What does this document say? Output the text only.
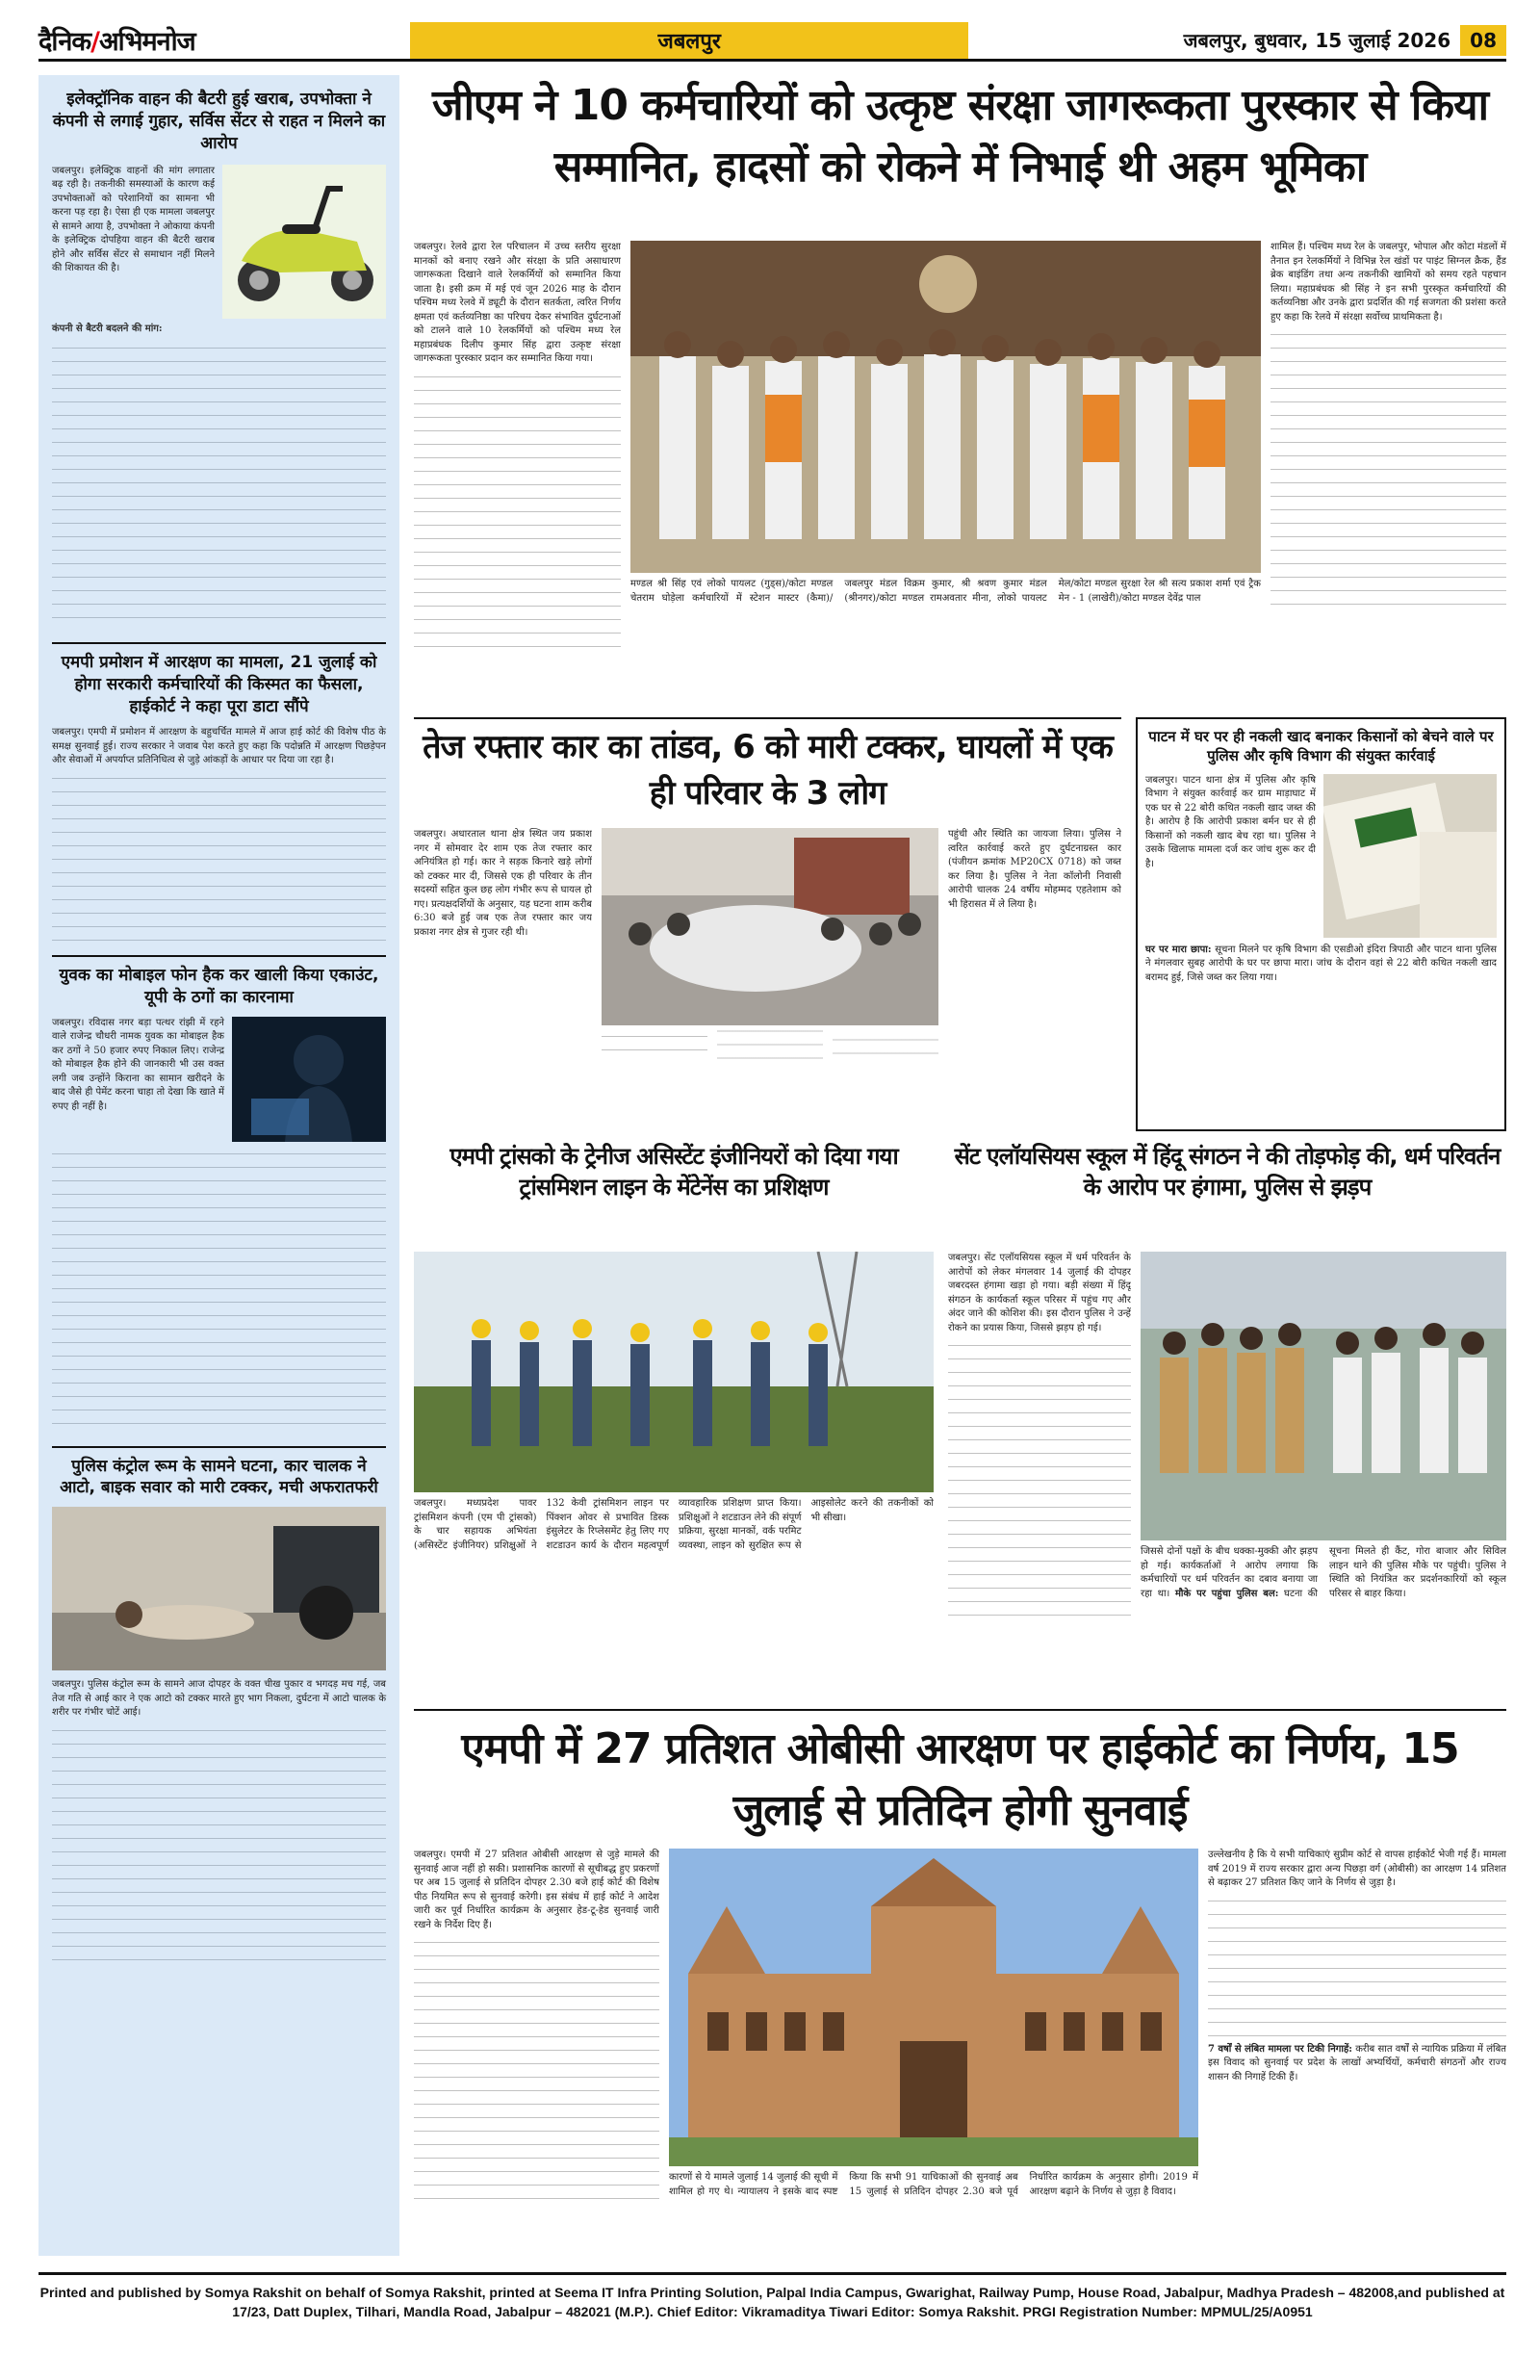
दैनिक/अभिमनोज	जबलपुर	जबलपुर, बुधवार, 15 जुलाई 2026	08
इलेक्ट्रॉनिक वाहन की बैटरी हुई खराब, उपभोक्ता ने कंपनी से लगाई गुहार, सर्विस सेंटर से राहत न मिलने का आरोप
जबलपुर। इलेक्ट्रिक वाहनों की मांग लगातार बढ़ रही है। तकनीकी समस्याओं के कारण कई उपभोक्ताओं को परेशानियों का सामना भी करना पड़ रहा है। ऐसा ही एक मामला जबलपुर से सामने आया है, उपभोक्ता ने ओकाया कंपनी के इलेक्ट्रिक दोपहिया वाहन की बैटरी खराब होने और सर्विस सेंटर से समाधान नहीं मिलने की शिकायत की है।
कंपनी से बैटरी बदलने की मांग:
एमपी प्रमोशन में आरक्षण का मामला, 21 जुलाई को होगा सरकारी कर्मचारियों की किस्मत का फैसला, हाईकोर्ट ने कहा पूरा डाटा सौंपे
जबलपुर। एमपी में प्रमोशन में आरक्षण के बहुचर्चित मामले में आज हाई कोर्ट की विशेष पीठ के समक्ष सुनवाई हुई। राज्य सरकार ने जवाब पेश करते हुए कहा कि पदोन्नति में आरक्षण पिछड़ेपन और सेवाओं में अपर्याप्त प्रतिनिधित्व से जुड़े आंकड़ों के आधार पर दिया जा रहा है।
युवक का मोबाइल फोन हैक कर खाली किया एकाउंट, यूपी के ठगों का कारनामा
जबलपुर। रविदास नगर बड़ा पत्थर रांझी में रहने वाले राजेन्द्र चौधरी नामक युवक का मोबाइल हैक कर ठगों ने 50 हजार रुपए निकाल लिए। राजेन्द्र को मोबाइल हैक होने की जानकारी भी उस वक्त लगी जब उन्होंने किराना का सामान खरीदने के बाद जैसे ही पेमेंट करना चाहा तो देखा कि खाते में रुपए ही नहीं है।
पुलिस कंट्रोल रूम के सामने घटना, कार चालक ने आटो, बाइक सवार को मारी टक्कर, मची अफरातफरी
जबलपुर। पुलिस कंट्रोल रूम के सामने आज दोपहर के वक्त चीख पुकार व भगदड़ मच गई, जब तेज गति से आई कार ने एक आटो को टक्कर मारते हुए भाग निकला, दुर्घटना में आटो चालक के शरीर पर गंभीर चोटें आई।
जीएम ने 10 कर्मचारियों को उत्कृष्ट संरक्षा जागरूकता पुरस्कार से किया सम्मानित, हादसों को रोकने में निभाई थी अहम भूमिका
जबलपुर। रेलवे द्वारा रेल परिचालन में उच्च स्तरीय सुरक्षा मानकों को बनाए रखने और संरक्षा के प्रति असाधारण जागरूकता दिखाने वाले रेलकर्मियों को सम्मानित किया जाता है। इसी क्रम में मई एवं जून 2026 माह के दौरान पश्चिम मध्य रेलवे में ड्यूटी के दौरान सतर्कता, त्वरित निर्णय क्षमता एवं कर्तव्यनिष्ठा का परिचय देकर संभावित दुर्घटनाओं को टालने वाले 10 रेलकर्मियों को पश्चिम मध्य रेल महाप्रबंधक दिलीप कुमार सिंह द्वारा उत्कृष्ट संरक्षा जागरूकता पुरस्कार प्रदान कर सम्मानित किया गया।
मण्डल श्री सिंह एवं लोको पायलट (गुड्स)/कोटा मण्डल चेतराम घोड़ेला कर्मचारियों में स्टेशन मास्टर (कैमा)/जबलपुर मंडल विक्रम कुमार, श्री श्रवण कुमार मंडल (श्रीनगर)/कोटा मण्डल रामअवतार मीना, लोको पायलट मेल/कोटा मण्डल सुरक्षा रेल श्री सत्य प्रकाश शर्मा एवं ट्रैक मेन - 1 (लाखेरी)/कोटा मण्डल देवेंद्र पाल
शामिल हैं। पश्चिम मध्य रेल के जबलपुर, भोपाल और कोटा मंडलों में तैनात इन रेलकर्मियों ने विभिन्न रेल खंडों पर पाइंट सिग्नल क्रैक, हैंड ब्रेक बाइंडिंग तथा अन्य तकनीकी खामियों को समय रहते पहचान लिया। महाप्रबंधक श्री सिंह ने इन सभी पुरस्कृत कर्मचारियों की कर्तव्यनिष्ठा और उनके द्वारा प्रदर्शित की गई सजगता की प्रशंसा करते हुए कहा कि रेलवे में संरक्षा सर्वोच्च प्राथमिकता है।
तेज रफ्तार कार का तांडव, 6 को मारी टक्कर, घायलों में एक ही परिवार के 3 लोग
जबलपुर। अधारताल थाना क्षेत्र स्थित जय प्रकाश नगर में सोमवार देर शाम एक तेज रफ्तार कार अनियंत्रित हो गई। कार ने सड़क किनारे खड़े लोगों को टक्कर मार दी, जिससे एक ही परिवार के तीन सदस्यों सहित कुल छह लोग गंभीर रूप से घायल हो गए। प्रत्यक्षदर्शियों के अनुसार, यह घटना शाम करीब 6:30 बजे हुई जब एक तेज रफ्तार कार जय प्रकाश नगर क्षेत्र से गुजर रही थी।
पहुंची और स्थिति का जायजा लिया। पुलिस ने त्वरित कार्रवाई करते हुए दुर्घटनाग्रस्त कार (पंजीयन क्रमांक MP20CX 0718) को जब्त कर लिया है। पुलिस ने नेता कॉलोनी निवासी आरोपी चालक 24 वर्षीय मोहम्मद एहतेशाम को भी हिरासत में ले लिया है।
पाटन में घर पर ही नकली खाद बनाकर किसानों को बेचने वाले पर पुलिस और कृषि विभाग की संयुक्त कार्रवाई
जबलपुर। पाटन थाना क्षेत्र में पुलिस और कृषि विभाग ने संयुक्त कार्रवाई कर ग्राम माड़ाघाट में एक घर से 22 बोरी कथित नकली खाद जब्त की है। आरोप है कि आरोपी प्रकाश बर्मन घर से ही किसानों को नकली खाद बेच रहा था। पुलिस ने उसके खिलाफ मामला दर्ज कर जांच शुरू कर दी है।
घर पर मारा छापा: सूचना मिलने पर कृषि विभाग की एसडीओ इंदिरा त्रिपाठी और पाटन थाना पुलिस ने मंगलवार सुबह आरोपी के घर पर छापा मारा। जांच के दौरान वहां से 22 बोरी कथित नकली खाद बरामद हुई, जिसे जब्त कर लिया गया।
एमपी ट्रांसको के ट्रेनीज असिस्टेंट इंजीनियरों को दिया गया ट्रांसमिशन लाइन के मेंटेनेंस का प्रशिक्षण
जबलपुर। मध्यप्रदेश पावर ट्रांसमिशन कंपनी (एम पी ट्रांसको) के चार सहायक अभियंता (असिस्टेंट इंजीनियर) प्रशिक्षुओं ने 132 केवी ट्रांसमिशन लाइन पर पिंक्शन ओवर से प्रभावित डिस्क इंसुलेटर के रिप्लेसमेंट हेतु लिए गए शटडाउन कार्य के दौरान महत्वपूर्ण व्यावहारिक प्रशिक्षण प्राप्त किया। प्रशिक्षुओं ने शटडाउन लेने की संपूर्ण प्रक्रिया, सुरक्षा मानकों, वर्क परमिट व्यवस्था, लाइन को सुरक्षित रूप से आइसोलेट करने की तकनीकों को भी सीखा।
सेंट एलॉयसियस स्कूल में हिंदू संगठन ने की तोड़फोड़ की, धर्म परिवर्तन के आरोप पर हंगामा, पुलिस से झड़प
जबलपुर। सेंट एलॉयसियस स्कूल में धर्म परिवर्तन के आरोपों को लेकर मंगलवार 14 जुलाई की दोपहर जबरदस्त हंगामा खड़ा हो गया। बड़ी संख्या में हिंदू संगठन के कार्यकर्ता स्कूल परिसर में पहुंच गए और अंदर जाने की कोशिश की। इस दौरान पुलिस ने उन्हें रोकने का प्रयास किया, जिससे झड़प हो गई।
जिससे दोनों पक्षों के बीच धक्का-मुक्की और झड़प हो गई। कार्यकर्ताओं ने आरोप लगाया कि कर्मचारियों पर धर्म परिवर्तन का दबाव बनाया जा रहा था। मौके पर पहुंचा पुलिस बल: घटना की सूचना मिलते ही कैंट, गोरा बाजार और सिविल लाइन थाने की पुलिस मौके पर पहुंची। पुलिस ने स्थिति को नियंत्रित कर प्रदर्शनकारियों को स्कूल परिसर से बाहर किया।
एमपी में 27 प्रतिशत ओबीसी आरक्षण पर हाईकोर्ट का निर्णय, 15 जुलाई से प्रतिदिन होगी सुनवाई
जबलपुर। एमपी में 27 प्रतिशत ओबीसी आरक्षण से जुड़े मामले की सुनवाई आज नहीं हो सकी। प्रशासनिक कारणों से सूचीबद्ध हुए प्रकरणों पर अब 15 जुलाई से प्रतिदिन दोपहर 2.30 बजे हाई कोर्ट की विशेष पीठ नियमित रूप से सुनवाई करेगी। इस संबंध में हाई कोर्ट ने आदेश जारी कर पूर्व निर्धारित कार्यक्रम के अनुसार हेड-टू-हेड सुनवाई जारी रखने के निर्देश दिए हैं।
कारणों से ये मामले जुलाई 14 जुलाई की सूची में शामिल हो गए थे। न्यायालय ने इसके बाद स्पष्ट किया कि सभी 91 याचिकाओं की सुनवाई अब 15 जुलाई से प्रतिदिन दोपहर 2.30 बजे पूर्व निर्धारित कार्यक्रम के अनुसार होगी। 2019 में आरक्षण बढ़ाने के निर्णय से जुड़ा है विवाद।
उल्लेखनीय है कि ये सभी याचिकाएं सुप्रीम कोर्ट से वापस हाईकोर्ट भेजी गई हैं। मामला वर्ष 2019 में राज्य सरकार द्वारा अन्य पिछड़ा वर्ग (ओबीसी) का आरक्षण 14 प्रतिशत से बढ़ाकर 27 प्रतिशत किए जाने के निर्णय से जुड़ा है।
7 वर्षों से लंबित मामला पर टिकी निगाहें: करीब सात वर्षों से न्यायिक प्रक्रिया में लंबित इस विवाद को सुनवाई पर प्रदेश के लाखों अभ्यर्थियों, कर्मचारी संगठनों और राज्य शासन की निगाहें टिकी हैं।
Printed and published by Somya Rakshit on behalf of Somya Rakshit, printed at Seema IT Infra Printing Solution, Palpal India Campus, Gwarighat, Railway Pump, House Road, Jabalpur, Madhya Pradesh – 482008,and published at 17/23, Datt Duplex, Tilhari, Mandla Road, Jabalpur – 482021 (M.P.). Chief Editor: Vikramaditya Tiwari Editor: Somya Rakshit. PRGI Registration Number: MPMUL/25/A0951
